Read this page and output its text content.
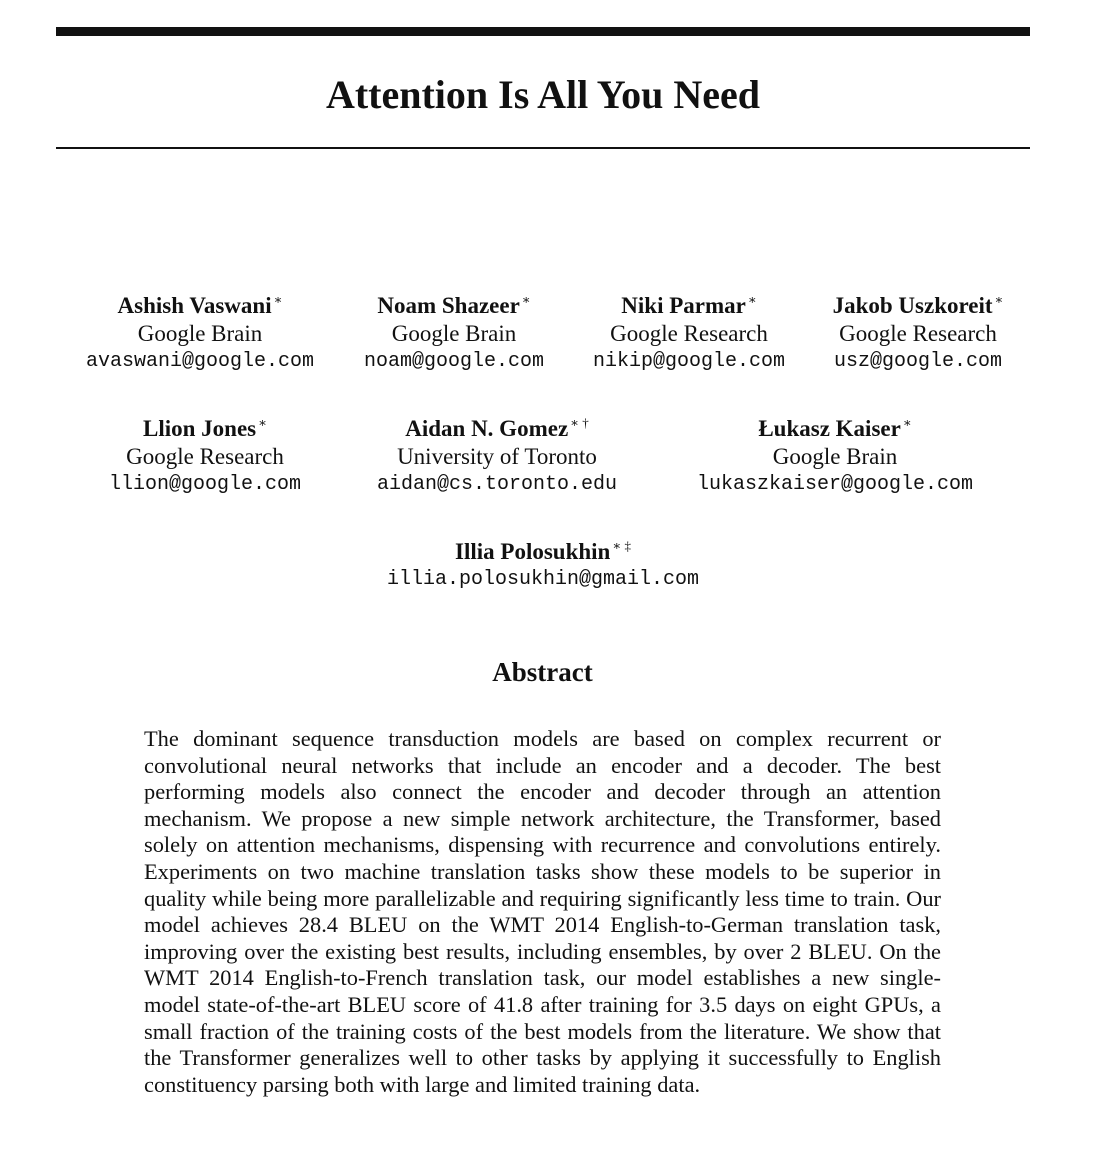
Attention Is All You Need
Ashish Vaswani ∗
Google Brain
avaswani@google.com
Noam Shazeer ∗
Google Brain
noam@google.com
Niki Parmar ∗
Google Research
nikip@google.com
Jakob Uszkoreit ∗
Google Research
usz@google.com
Llion Jones ∗
Google Research
llion@google.com
Aidan N. Gomez ∗ †
University of Toronto
aidan@cs.toronto.edu
Łukasz Kaiser ∗
Google Brain
lukaszkaiser@google.com
Illia Polosukhin ∗ ‡
illia.polosukhin@gmail.com
Abstract

The dominant sequence transduction models are based on complex recurrent or convolutional neural networks that include an encoder and a decoder. The best performing models also connect the encoder and decoder through an attention mechanism. We propose a new simple network architecture, the Transformer, based solely on attention mechanisms, dispensing with recurrence and convolutions entirely. Experiments on two machine translation tasks show these models to be superior in quality while being more parallelizable and requiring significantly less time to train. Our model achieves 28.4 BLEU on the WMT 2014 English-to-German translation task, improving over the existing best results, including ensembles, by over 2 BLEU. On the WMT 2014 English-to-French translation task, our model establishes a new single-model state-of-the-art BLEU score of 41.8 after training for 3.5 days on eight GPUs, a small fraction of the training costs of the best models from the literature. We show that the Transformer generalizes well to other tasks by applying it successfully to English constituency parsing both with large and limited training data.
